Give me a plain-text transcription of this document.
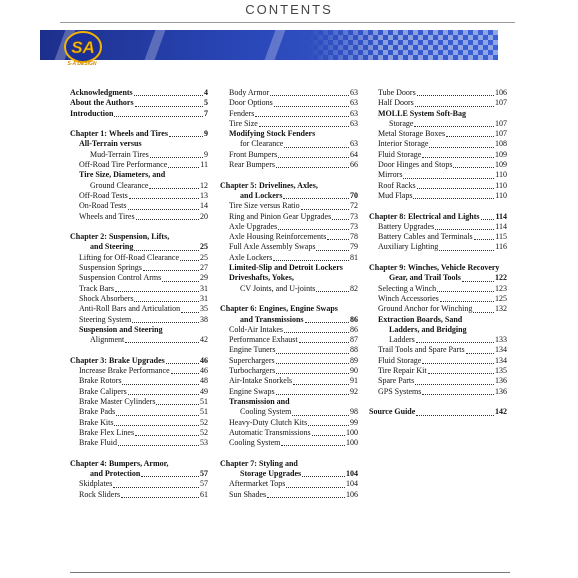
CONTENTS
SA
S-A DESIGN
Acknowledgments	4
About the Authors	5
Introduction	7
Chapter 1: Wheels and Tires	9
All-Terrain versus
Mud-Terrain Tires	9
Off-Road Tire Performance	11
Tire Size, Diameters, and
Ground Clearance	12
Off-Road Tests	13
On-Road Tests	14
Wheels and Tires	20
Chapter 2: Suspension, Lifts,
and Steering	25
Lifting for Off-Road Clearance	25
Suspension Springs	27
Suspension Control Arms	29
Track Bars	31
Shock Absorbers	31
Anti-Roll Bars and Articulation 35
Steering System	38
Suspension and Steering
Alignment	42
Chapter 3: Brake Upgrades	46
Increase Brake Performance	46
Brake Rotors	48
Brake Calipers	49
Brake Master Cylinders	51
Brake Pads	51
Brake Kits	52
Brake Flex Lines	52
Brake Fluid	53
Chapter 4: Bumpers, Armor,
and Protection	57
Skidplates	57
Rock Sliders	61
Body Armor	63
Door Options	63
Fenders	63
Tire Size	63
Modifying Stock Fenders
for Clearance	63
Front Bumpers	64
Rear Bumpers	66
Chapter 5: Drivelines, Axles,
and Lockers	70
Tire Size versus Ratio	72
Ring and Pinion Gear Upgrades 73
Axle Upgrades	73
Axle Housing Reinforcements	78
Full Axle Assembly Swaps	79
Axle Lockers	81
Limited-Slip and Detroit Lockers
Driveshafts, Yokes,
CV Joints, and U-joints	82
Chapter 6: Engines, Engine Swaps
and Transmissions	86
Cold-Air Intakes	86
Performance Exhaust	87
Engine Tuners	88
Superchargers	89
Turbochargers	90
Air-Intake Snorkels	91
Engine Swaps	92
Transmission and
Cooling System	98
Heavy-Duty Clutch Kits	99
Automatic Transmissions	100
Cooling System	100
Chapter 7: Styling and
Storage Upgrades	104
Aftermarket Tops	104
Sun Shades	106
Tube Doors	106
Half Doors	107
MOLLE System Soft-Bag
Storage	107
Metal Storage Boxes	107
Interior Storage	108
Fluid Storage	109
Door Hinges and Stops	109
Mirrors	110
Roof Racks	110
Mud Flaps	110
Chapter 8: Electrical and Lights 114
Battery Upgrades	114
Battery Cables and Terminals	115
Auxiliary Lighting	116
Chapter 9: Winches, Vehicle Recovery
Gear, and Trail Tools	122
Selecting a Winch	123
Winch Accessories	125
Ground Anchor for Winching	132
Extraction Boards, Sand
Ladders, and Bridging
Ladders	133
Trail Tools and Spare Parts	134
Fluid Storage	134
Tire Repair Kit	135
Spare Parts	136
GPS Systems	136
Source Guide	142
